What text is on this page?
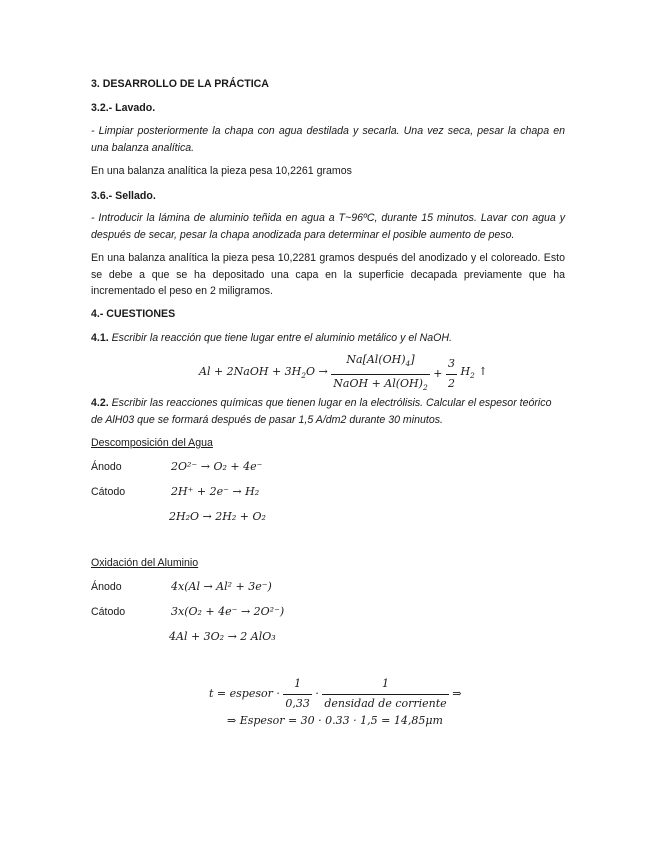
3. DESARROLLO DE LA PRÁCTICA

3.2.- Lavado.

- Limpiar posteriormente la chapa con agua destilada y secarla. Una vez seca, pesar la chapa en una balanza analítica.

En una balanza analítica la pieza pesa 10,2261 gramos

3.6.- Sellado.

- Introducir la lámina de aluminio teñida en agua a T~96ºC, durante 15 minutos. Lavar con agua y después de secar, pesar la chapa anodizada para determinar el posible aumento de peso.

En una balanza analítica la pieza pesa 10,2281 gramos después del anodizado y el coloreado. Esto se debe a que se ha depositado una capa en la superficie decapada previamente que ha incrementado el peso en 2 miligramos.

4.- CUESTIONES

4.1. Escribir la reacción que tiene lugar entre el aluminio metálico y el NaOH.

Al + 2NaOH + $3H_2O \to \frac{Na[Al(OH)_4]}{NaOH + Al(OH)_2} + \frac{3}{2} H_2$ ↑

4.2. Escribir las reacciones químicas que tienen lugar en la electrólisis. Calcular el espesor teórico de AlH03 que se formará después de pasar 1,5 A/dm2 durante 30 minutos.

Descomposición del Agua

Ánodo	2O²⁻ → O₂ + 4e⁻
Cátodo	2H⁺ + 2e⁻ → H₂
2H₂O → 2H₂ + O₂

Oxidación del Aluminio

Ánodo	4x(Al → Al² + 3e⁻)
Cátodo	3x(O₂ + 4e⁻ → 2O²⁻)
4Al + 3O₂ → 2 AlO₃
t = espesor · $\frac{1}{0,33} \cdot \frac{1}{\text{densidad de corriente}}$ ⇒
⇒ Espesor = 30 · 0.33 · 1,5 = 14,85μm
